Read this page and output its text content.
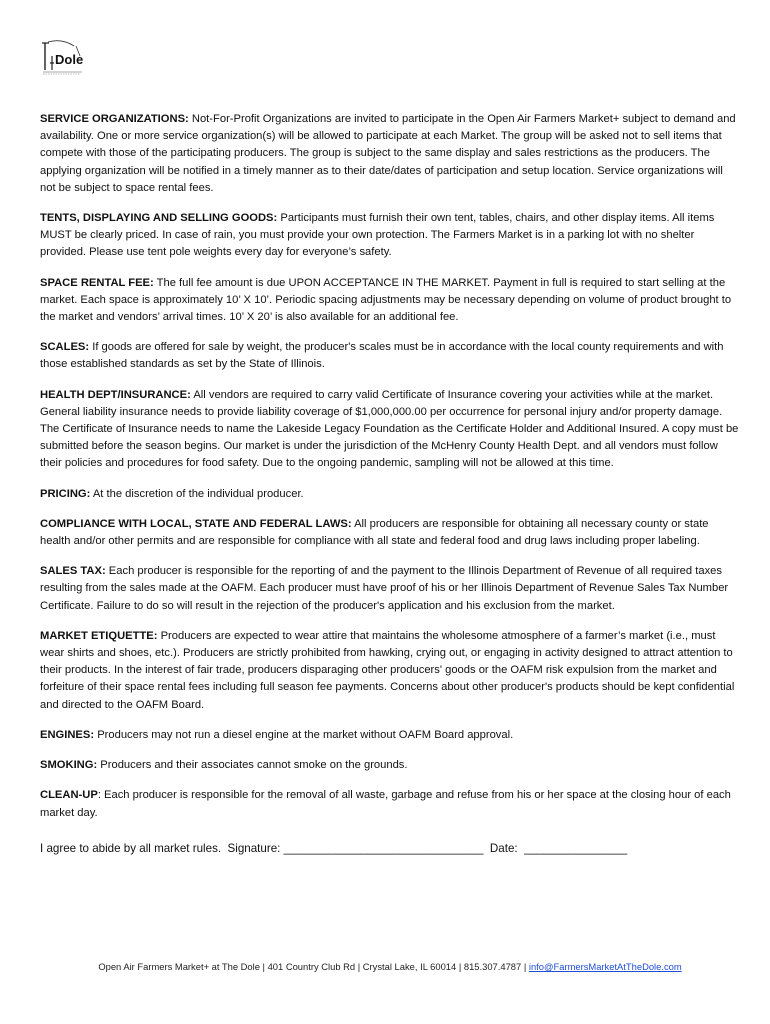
Dole
SERVICE ORGANIZATIONS: Not-For-Profit Organizations are invited to participate in the Open Air Farmers Market+ subject to demand and availability. One or more service organization(s) will be allowed to participate at each Market. The group will be asked not to sell items that compete with those of the participating producers. The group is subject to the same display and sales restrictions as the producers. The applying organization will be notified in a timely manner as to their date/dates of participation and setup location. Service organizations will not be subject to space rental fees.
TENTS, DISPLAYING AND SELLING GOODS: Participants must furnish their own tent, tables, chairs, and other display items. All items MUST be clearly priced. In case of rain, you must provide your own protection. The Farmers Market is in a parking lot with no shelter provided. Please use tent pole weights every day for everyone’s safety.
SPACE RENTAL FEE: The full fee amount is due UPON ACCEPTANCE IN THE MARKET. Payment in full is required to start selling at the market. Each space is approximately 10’ X 10’. Periodic spacing adjustments may be necessary depending on volume of product brought to the market and vendors’ arrival times. 10’ X 20’ is also available for an additional fee.
SCALES: If goods are offered for sale by weight, the producer's scales must be in accordance with the local county requirements and with those established standards as set by the State of Illinois.
HEALTH DEPT/INSURANCE: All vendors are required to carry valid Certificate of Insurance covering your activities while at the market. General liability insurance needs to provide liability coverage of $1,000,000.00 per occurrence for personal injury and/or property damage. The Certificate of Insurance needs to name the Lakeside Legacy Foundation as the Certificate Holder and Additional Insured. A copy must be submitted before the season begins. Our market is under the jurisdiction of the McHenry County Health Dept. and all vendors must follow their policies and procedures for food safety. Due to the ongoing pandemic, sampling will not be allowed at this time.
PRICING: At the discretion of the individual producer.
COMPLIANCE WITH LOCAL, STATE AND FEDERAL LAWS: All producers are responsible for obtaining all necessary county or state health and/or other permits and are responsible for compliance with all state and federal food and drug laws including proper labeling.
SALES TAX: Each producer is responsible for the reporting of and the payment to the Illinois Department of Revenue of all required taxes resulting from the sales made at the OAFM. Each producer must have proof of his or her Illinois Department of Revenue Sales Tax Number Certificate. Failure to do so will result in the rejection of the producer's application and his exclusion from the market.
MARKET ETIQUETTE: Producers are expected to wear attire that maintains the wholesome atmosphere of a farmer’s market (i.e., must wear shirts and shoes, etc.). Producers are strictly prohibited from hawking, crying out, or engaging in activity designed to attract attention to their products. In the interest of fair trade, producers disparaging other producers' goods or the OAFM risk expulsion from the market and forfeiture of their space rental fees including full season fee payments. Concerns about other producer's products should be kept confidential and directed to the OAFM Board.
ENGINES: Producers may not run a diesel engine at the market without OAFM Board approval.
SMOKING: Producers and their associates cannot smoke on the grounds.
CLEAN-UP: Each producer is responsible for the removal of all waste, garbage and refuse from his or her space at the closing hour of each market day.
I agree to abide by all market rules.  Signature: _______________________________  Date:  ________________
Open Air Farmers Market+ at The Dole | 401 Country Club Rd | Crystal Lake, IL 60014 | 815.307.4787 | info@FarmersMarketAtTheDole.com
